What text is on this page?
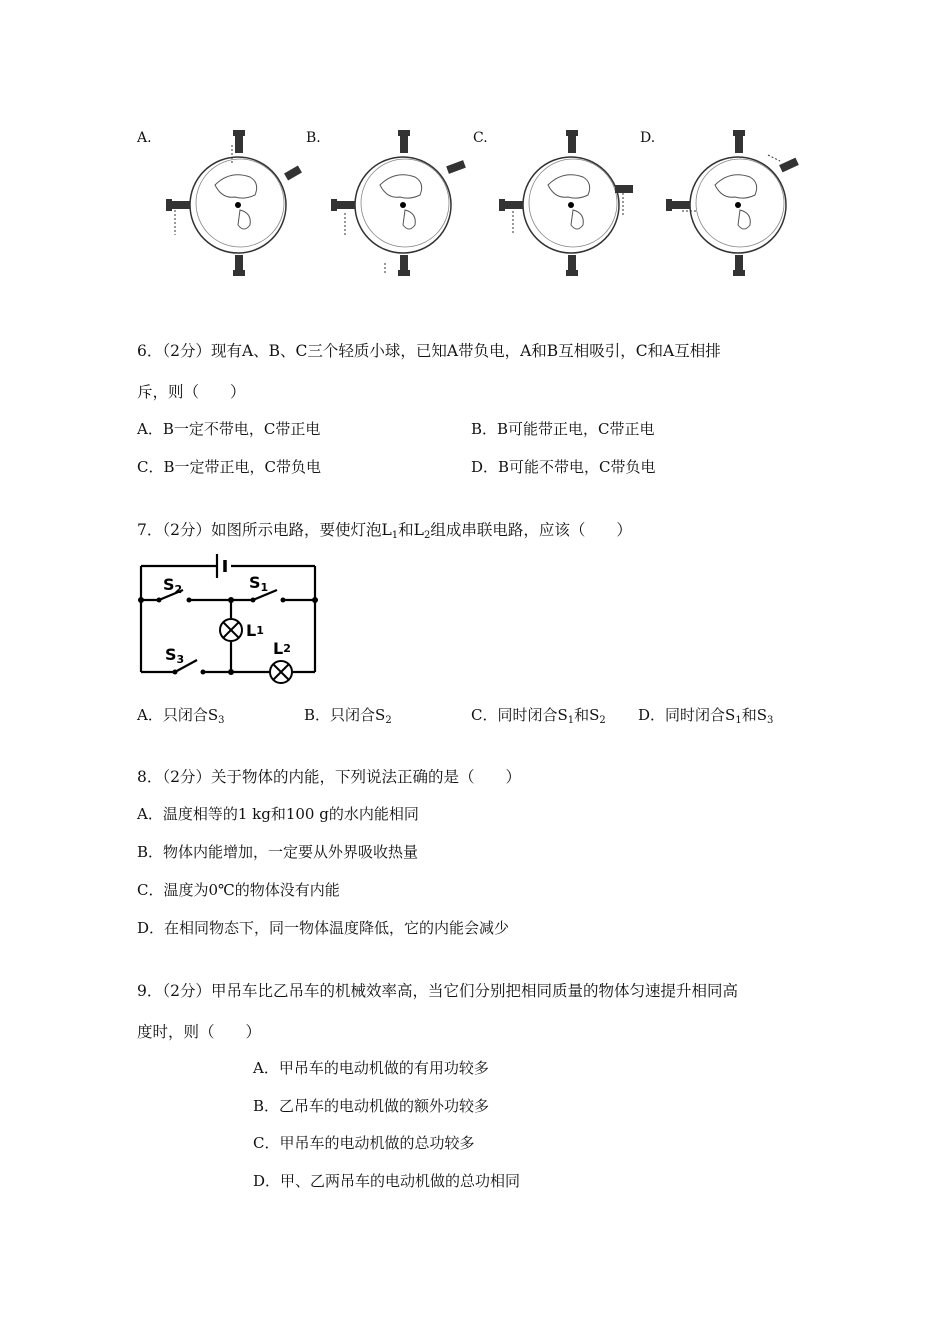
A.	B.	C.	D.
6．（2分）现有A、B、C三个轻质小球，已知A带负电，A和B互相吸引，C和A互相排
斥，则（　　）
A．B一定不带电，C带正电	B．B可能带正电，C带正电
C．B一定带正电，C带负电	D．B可能不带电，C带负电
7．（2分）如图所示电路，要使灯泡$L_1$和$L_2$组成串联电路，应该（　　）
S2	S1
S3
L1
L2
A．只闭合$S_3$	B．只闭合$S_2$	C．同时闭合$S_1$和$S_2$ D．同时闭合$S_1$和$S_3$
8．（2分）关于物体的内能，下列说法正确的是（　　）
A．温度相等的1 kg和100 g的水内能相同
B．物体内能增加，一定要从外界吸收热量
C．温度为0℃的物体没有内能
D．在相同物态下，同一物体温度降低，它的内能会减少
9．（2分）甲吊车比乙吊车的机械效率高，当它们分别把相同质量的物体匀速提升相同高
度时，则（　　）
A．甲吊车的电动机做的有用功较多
B．乙吊车的电动机做的额外功较多
C．甲吊车的电动机做的总功较多
D．甲、乙两吊车的电动机做的总功相同
